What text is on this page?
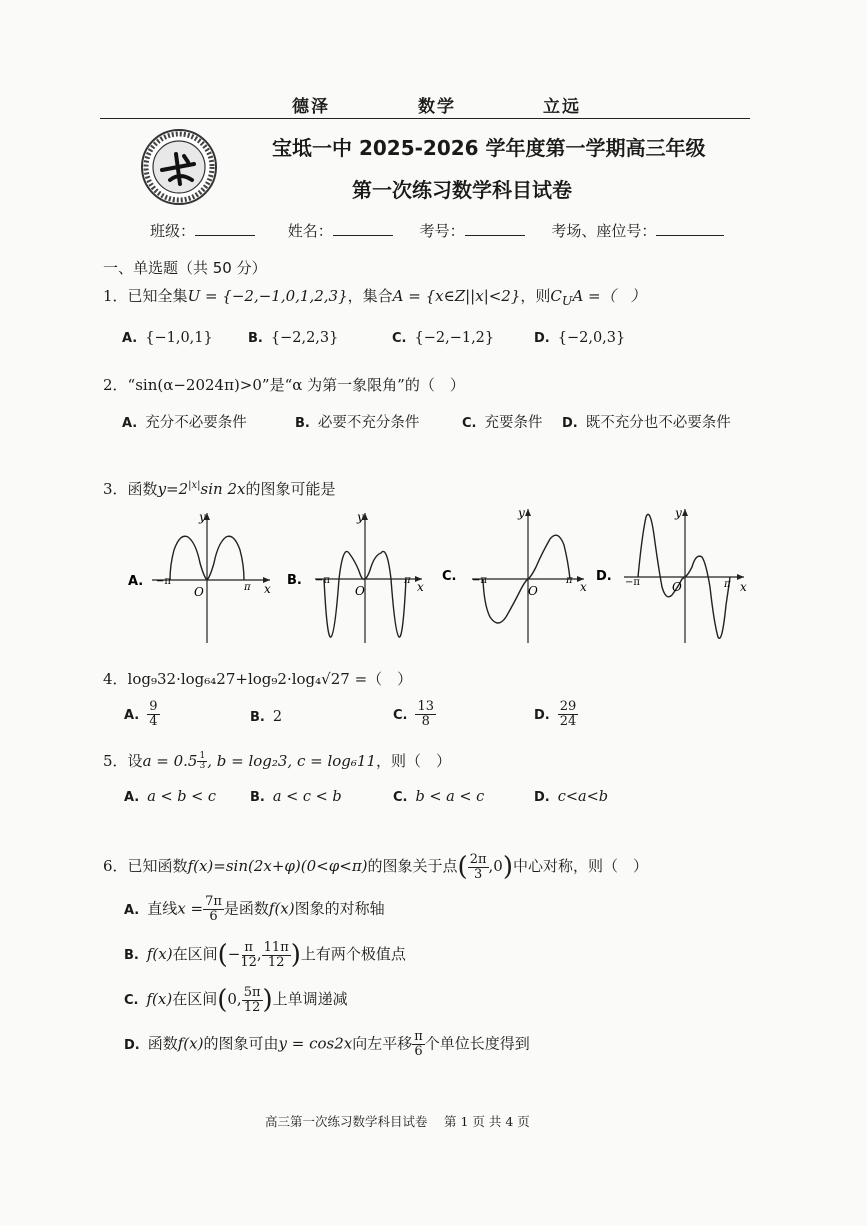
德泽	数学	立远
宝坻一中 2025-2026 学年度第一学期高三年级
第一次练习数学科目试卷
班级：	姓名：	考号：	考场、座位号：
一、单选题（共 50 分）
1．已知全集U = {−2,−1,0,1,2,3}，集合A = {x∈Z||x|<2}，则$C_UA$ =（　）
A. {−1,0,1}	B. {−2,2,3}	C. {−2,−1,2}	D. {−2,0,3}
2．“sin(α−2024π)>0”是“α 为第一象限角”的（　）
A. 充分不必要条件	B. 必要不充分条件	C. 充要条件 D. 既不充分也不必要条件
3．函数$y=2^{|x|}\sin$ 2x的图象可能是
A.
y
O	x
−π
π	B.
y
O	x
−π	π C.
y
O	x
−π	π D.
y
O	x
−π	π
4．log₉32·log₆₄27+log₉2·log₄√27 =（　）
A. $\frac{9}{4}$	B. 2	C. $\frac{13}{8}$	D. $\frac{29}{24}$
5．设$a = 0.5 \frac{1}{3}$ , b = log₂3, c = log₆11，则（　）
A. a < b < c	B. a < c < b	C. b < a < c	D. c<a<b
6．已知函数f(x)=sin(2x+φ)(0<φ<π)的图象关于点( $\frac{2\pi}{3} ,0$)中心对称，则（　）
A. 直线$x = \frac{7\pi}{6}$ 是函数f(x)图象的对称轴
B. f(x)在区间(− $\frac{\pi}{12}$ , $\frac{11\pi}{12}$ )上有两个极值点
C. f(x)在区间(0, $\frac{5\pi}{12}$ )上单调递减
D. 函数f(x)的图象可由y = cos2x向左平移 $\frac{\pi}{6}$ 个单位长度得到
高三第一次练习数学科目试卷　 第 1 页 共 4 页
